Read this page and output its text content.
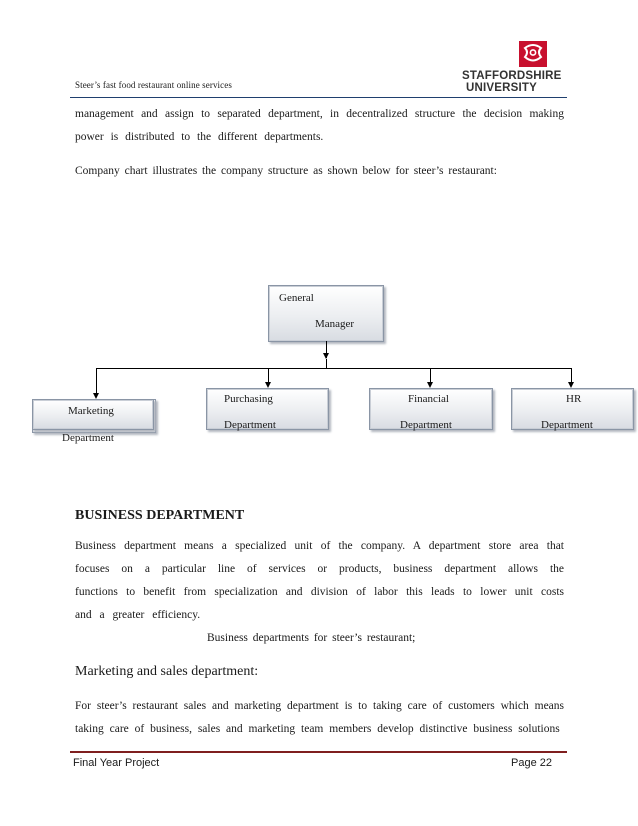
Steer’s fast food restaurant online services
STAFFORDSHIRE
UNIVERSITY
management and assign to separated department, in decentralized structure the decision making power is distributed to the different departments.
Company chart illustrates the company structure as shown below for steer’s restaurant:
General
Manager
Marketing
Department
Purchasing
Department
Financial
Department
HR
Department
BUSINESS DEPARTMENT
Business department means a specialized unit of the company. A department store area that focuses on a particular line of services or products, business department allows the functions to benefit from specialization and division of labor this leads to lower unit costs and a greater efficiency.
Business departments for steer’s restaurant;
Marketing and sales department:
For steer’s restaurant sales and marketing department is to taking care of customers which means taking care of business, sales and marketing team members develop distinctive business solutions
Final Year Project	Page 22
